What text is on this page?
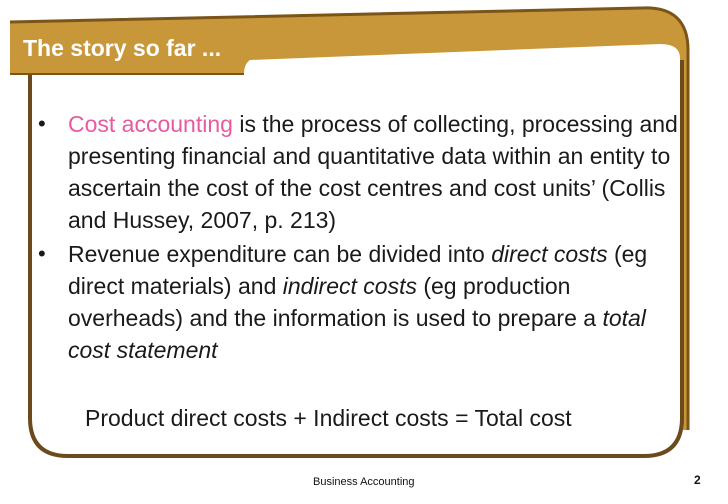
The story so far ...
• Cost accounting is the process of collecting, processing and presenting financial and quantitative data within an entity to ascertain the cost of the cost centres and cost units’ (Collis and Hussey, 2007, p. 213)
• Revenue expenditure can be divided into direct costs (eg direct materials) and indirect costs (eg production overheads) and the information is used to prepare a total cost statement
Product direct costs + Indirect costs = Total cost
Business Accounting	2
